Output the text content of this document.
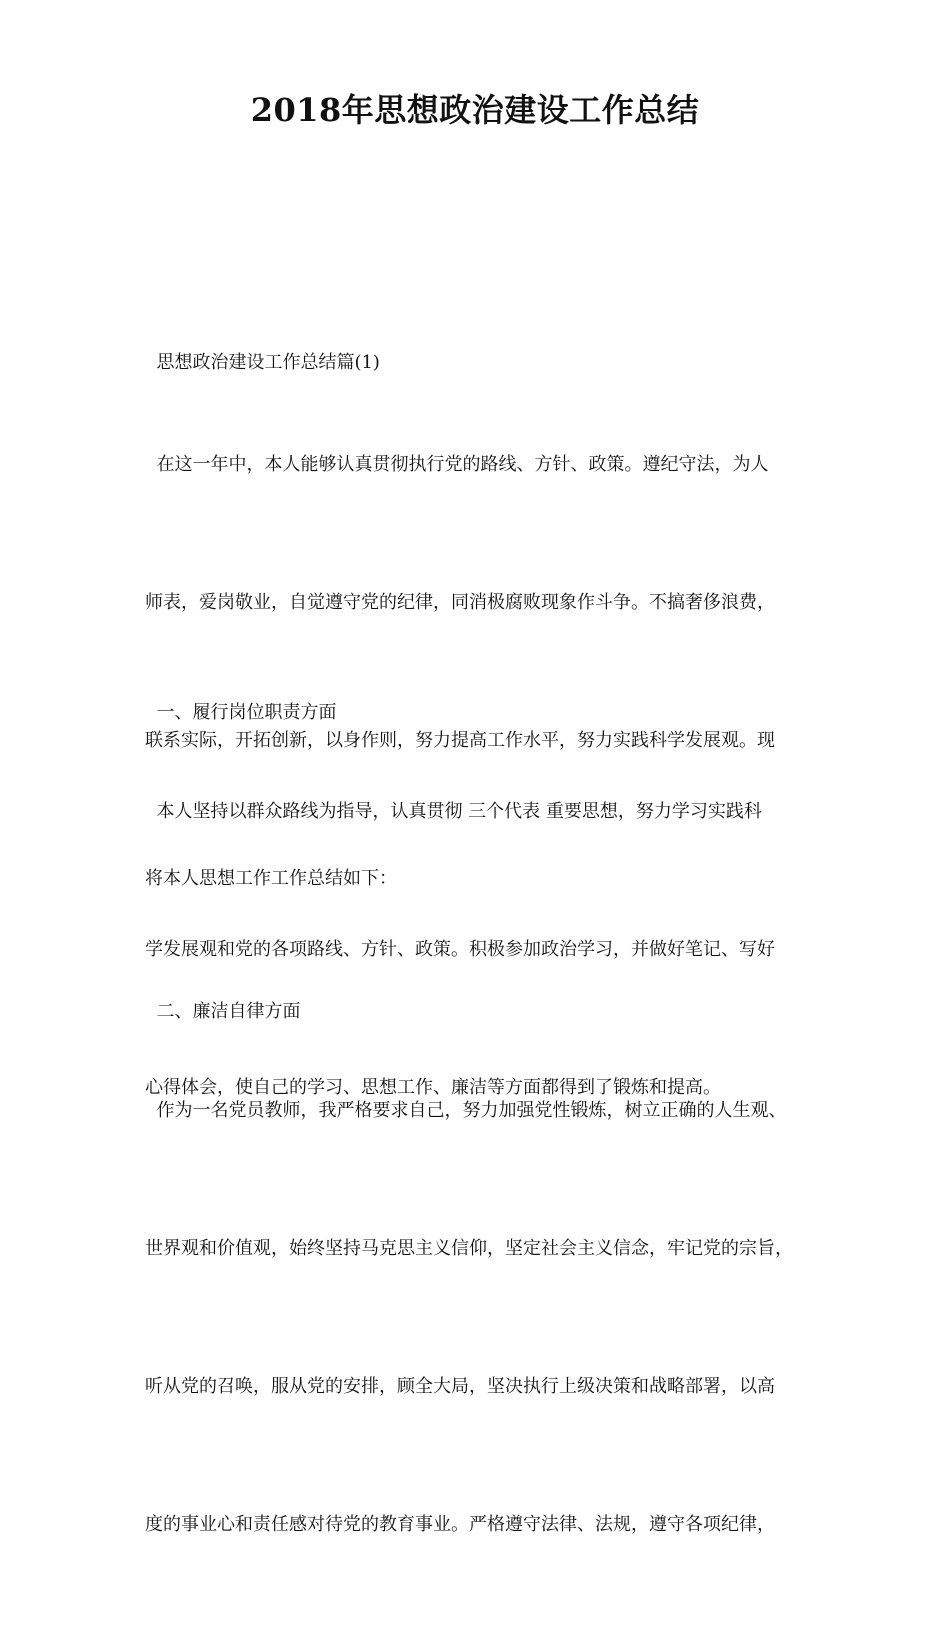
2018年思想政治建设工作总结

思想政治建设工作总结篇(1)

在这一年中，本人能够认真贯彻执行党的路线、方针、政策。遵纪守法，为人

师表，爱岗敬业，自觉遵守党的纪律，同消极腐败现象作斗争。不搞奢侈浪费，

联系实际，开拓创新，以身作则，努力提高工作水平，努力实践科学发展观。现

将本人思想工作工作总结如下：

一、履行岗位职责方面

本人坚持以群众路线为指导，认真贯彻 三个代表 重要思想，努力学习实践科

学发展观和党的各项路线、方针、政策。积极参加政治学习，并做好笔记、写好

心得体会，使自己的学习、思想工作、廉洁等方面都得到了锻炼和提高。

二、廉洁自律方面

作为一名党员教师，我严格要求自己，努力加强党性锻炼，树立正确的人生观、

世界观和价值观，始终坚持马克思主义信仰，坚定社会主义信念，牢记党的宗旨，

听从党的召唤，服从党的安排，顾全大局，坚决执行上级决策和战略部署，以高

度的事业心和责任感对待党的教育事业。严格遵守法律、法规，遵守各项纪律，
